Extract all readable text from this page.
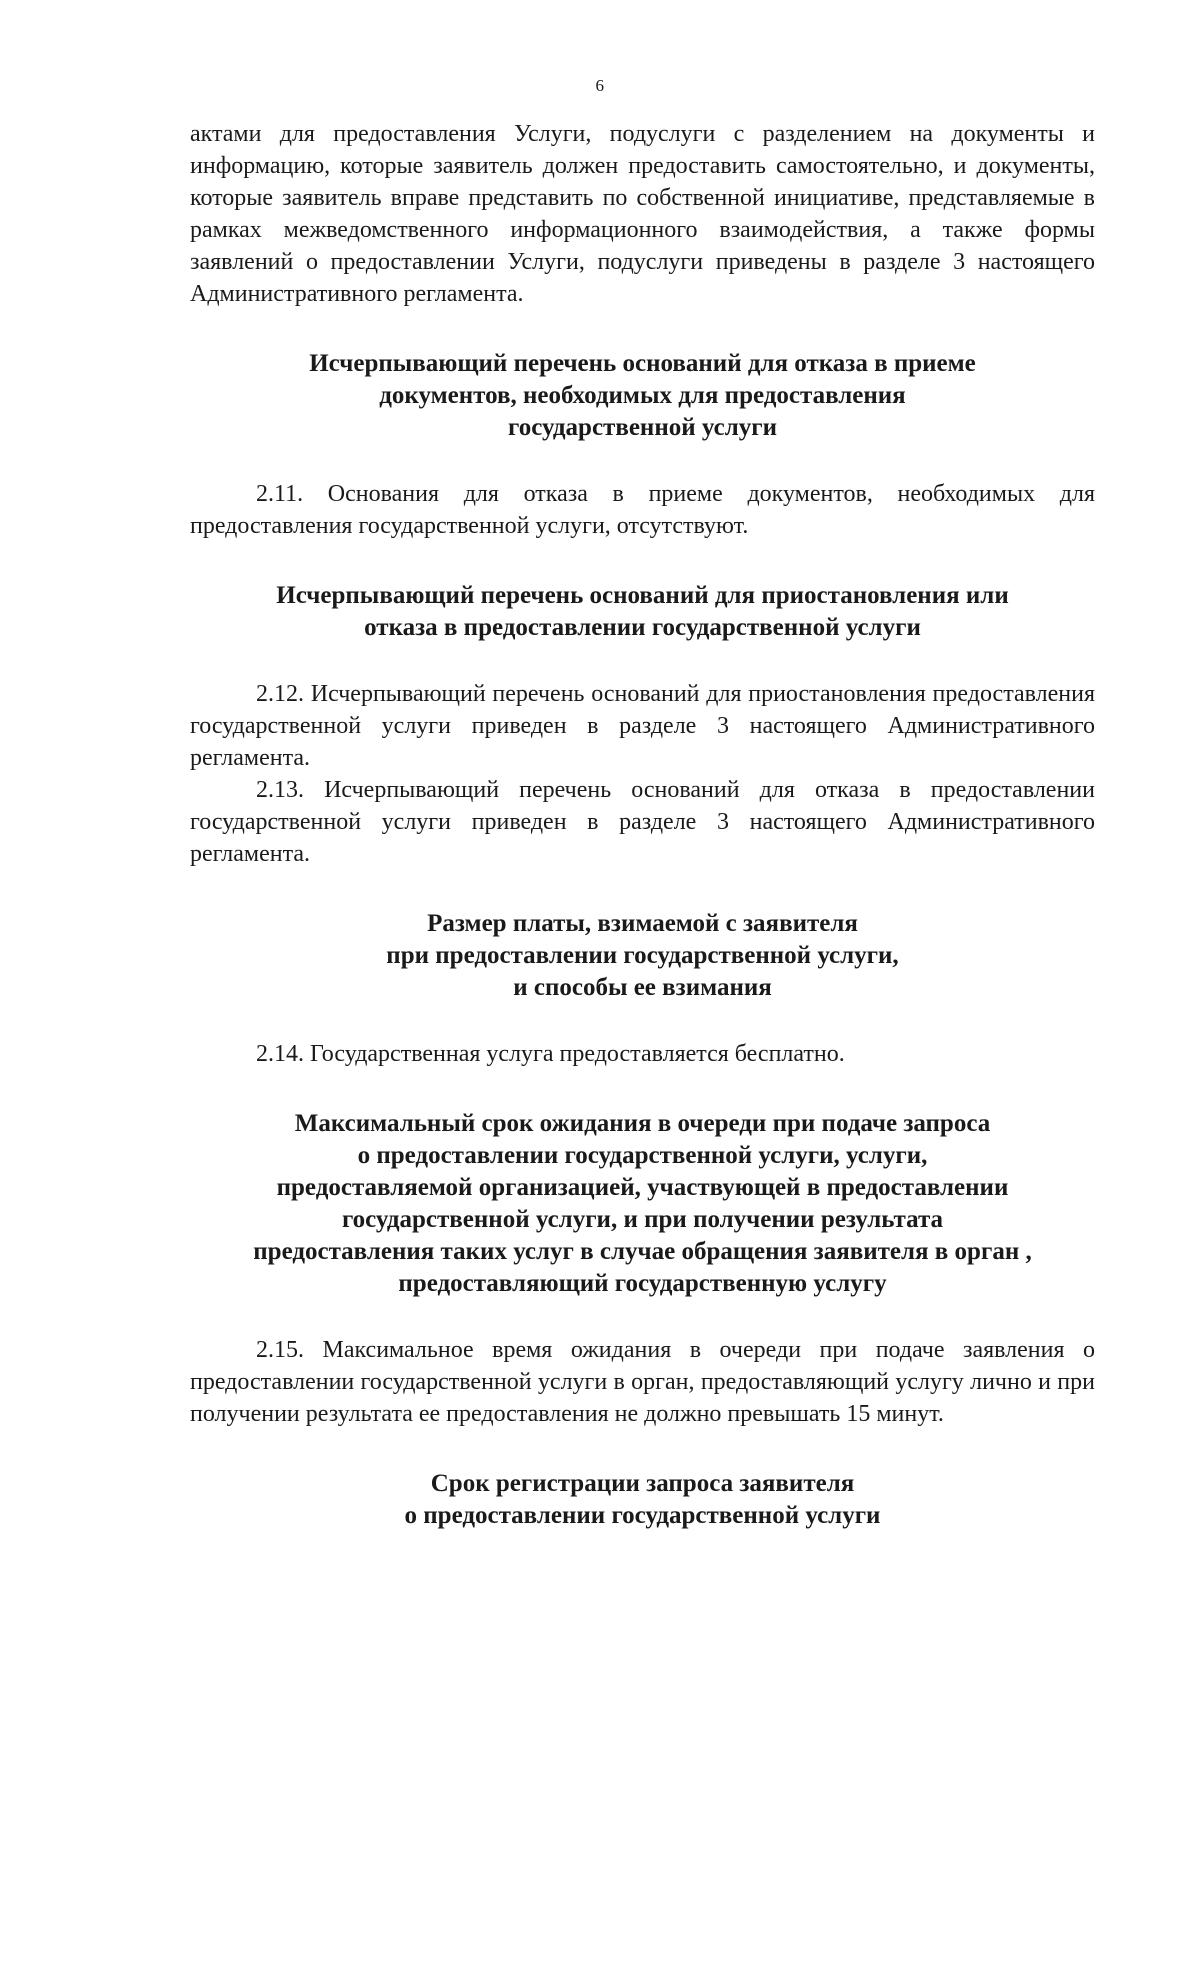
6

актами для предоставления Услуги, подуслуги с разделением на документы и информацию, которые заявитель должен предоставить самостоятельно, и документы, которые заявитель вправе представить по собственной инициативе, представляемые в рамках межведомственного информационного взаимодействия, а также формы заявлений о предоставлении Услуги, подуслуги приведены в разделе 3 настоящего Административного регламента.

Исчерпывающий перечень оснований для отказа в приеме
документов, необходимых для предоставления
государственной услуги

2.11. Основания для отказа в приеме документов, необходимых для предоставления государственной услуги, отсутствуют.

Исчерпывающий перечень оснований для приостановления или
отказа в предоставлении государственной услуги

2.12. Исчерпывающий перечень оснований для приостановления предоставления государственной услуги приведен в разделе 3 настоящего Административного регламента.

2.13. Исчерпывающий перечень оснований для отказа в предоставлении государственной услуги приведен в разделе 3 настоящего Административного регламента.

Размер платы, взимаемой с заявителя
при предоставлении государственной услуги,
и способы ее взимания

2.14. Государственная услуга предоставляется бесплатно.

Максимальный срок ожидания в очереди при подаче запроса
о предоставлении государственной услуги, услуги,
предоставляемой организацией, участвующей в предоставлении
государственной услуги, и при получении результата
предоставления таких услуг в случае обращения заявителя в орган ,
предоставляющий государственную услугу

2.15. Максимальное время ожидания в очереди при подаче заявления о предоставлении государственной услуги в орган, предоставляющий услугу лично и при получении результата ее предоставления не должно превышать 15 минут.

Срок регистрации запроса заявителя
о предоставлении государственной услуги
